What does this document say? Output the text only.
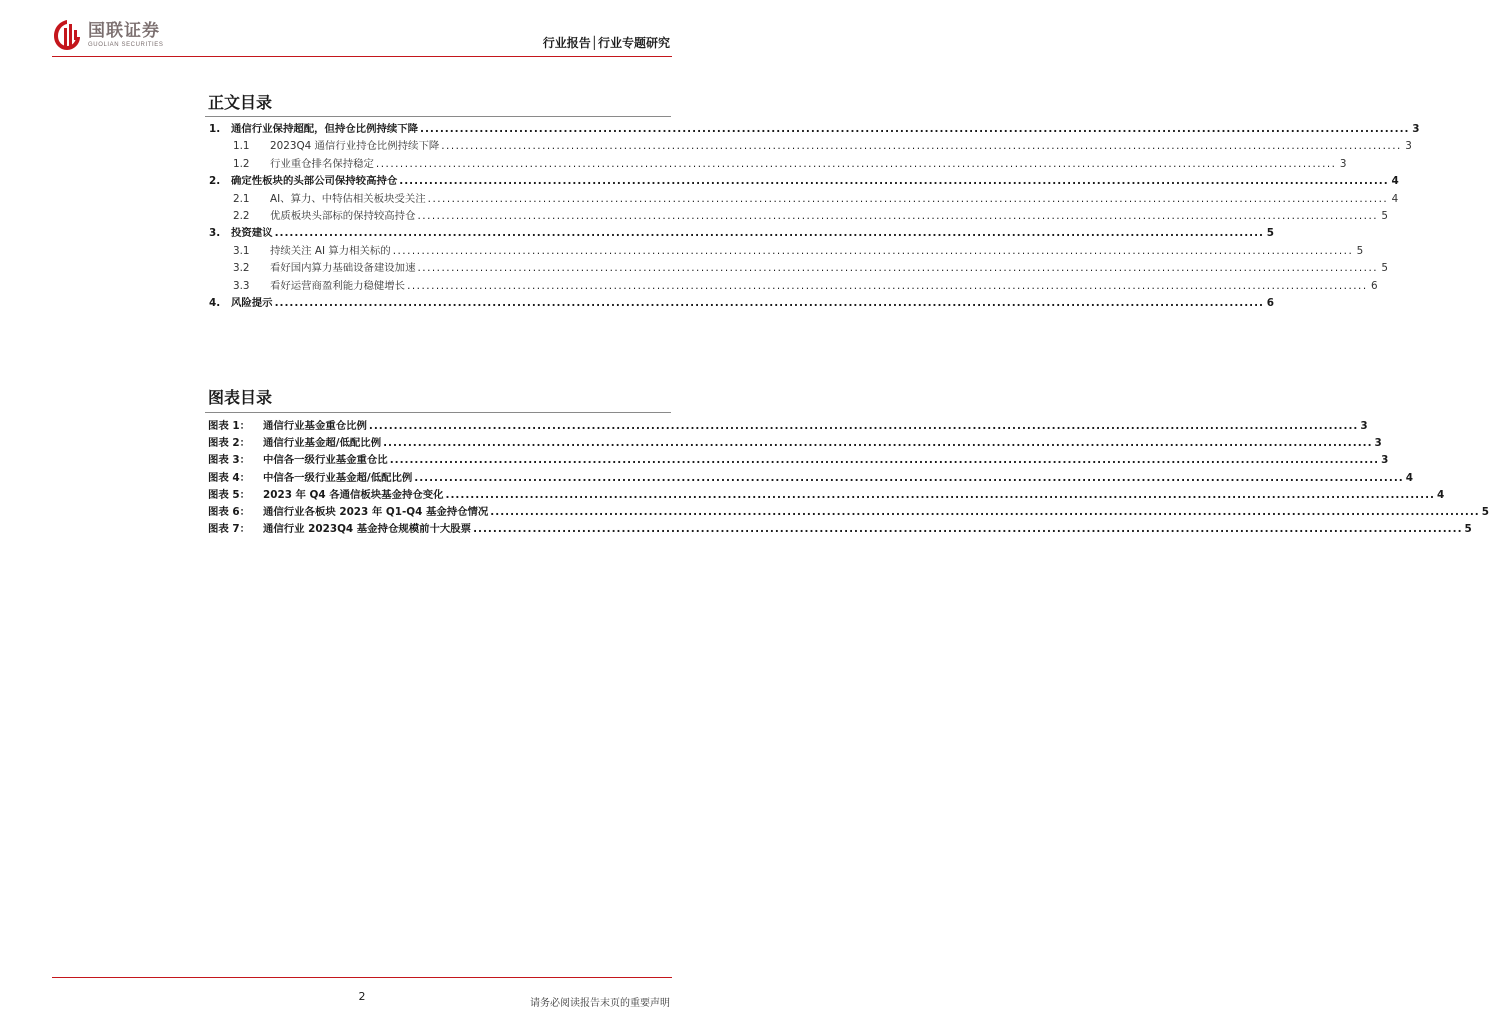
国联证券
GUOLIAN SECURITIES	行业报告│行业专题研究
正文目录
1.	通信行业保持超配，但持仓比例持续下降 ........................................................................................................................................................................................................ 3
1.1	2023Q4 通信行业持仓比例持续下降 ........................................................................................................................................................................................................ 3
1.2	行业重仓排名保持稳定 ........................................................................................................................................................................................................ 3
2.	确定性板块的头部公司保持较高持仓 ........................................................................................................................................................................................................ 4
2.1	AI、算力、中特估相关板块受关注 ........................................................................................................................................................................................................ 4
2.2	优质板块头部标的保持较高持仓 ........................................................................................................................................................................................................ 5
3.	投资建议 ........................................................................................................................................................................................................ 5
3.1	持续关注 AI 算力相关标的 ........................................................................................................................................................................................................ 5
3.2	看好国内算力基础设备建设加速 ........................................................................................................................................................................................................ 5
3.3	看好运营商盈利能力稳健增长 ........................................................................................................................................................................................................ 6
4.	风险提示 ........................................................................................................................................................................................................ 6
图表目录
图表 1：	通信行业基金重仓比例 ........................................................................................................................................................................................................ 3
图表 2：	通信行业基金超/低配比例 ........................................................................................................................................................................................................ 3
图表 3：	中信各一级行业基金重仓比 ........................................................................................................................................................................................................ 3
图表 4：	中信各一级行业基金超/低配比例 ........................................................................................................................................................................................................ 4
图表 5：	2023 年 Q4 各通信板块基金持仓变化 ........................................................................................................................................................................................................ 4
图表 6：	通信行业各板块 2023 年 Q1-Q4 基金持仓情况 ........................................................................................................................................................................................................ 5
图表 7：	通信行业 2023Q4 基金持仓规模前十大股票 ........................................................................................................................................................................................................ 5
2
请务必阅读报告末页的重要声明
